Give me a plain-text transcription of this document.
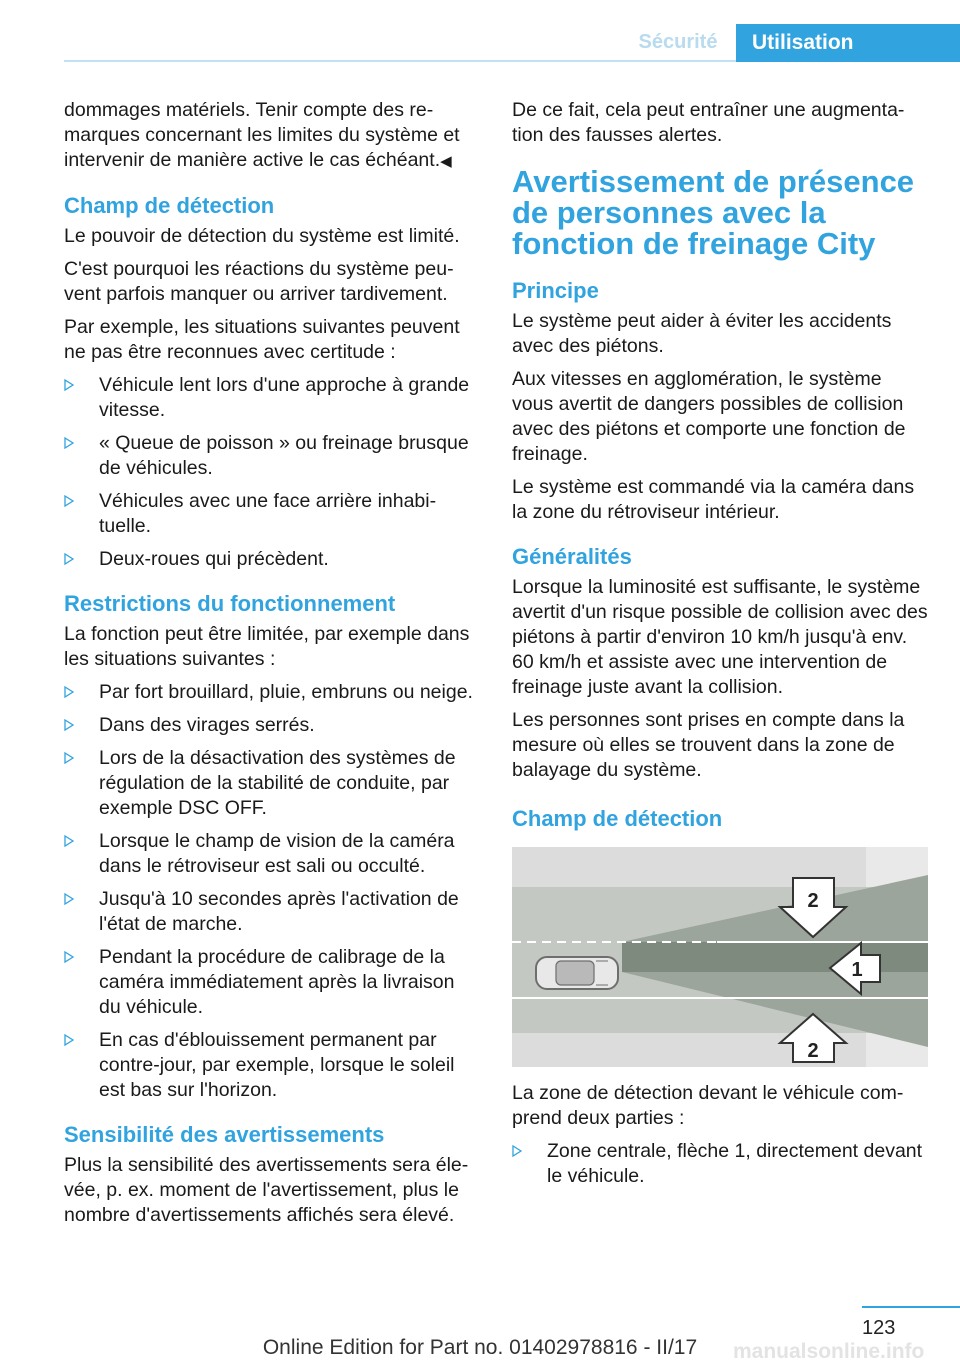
Sécurité	Utilisation

dommages matériels. Tenir compte des remarques concernant les limites du système et intervenir de manière active le cas échéant.◀

Champ de détection

Le pouvoir de détection du système est limité.

C'est pourquoi les réactions du système peuvent parfois manquer ou arriver tardivement.

Par exemple, les situations suivantes peuvent ne pas être reconnues avec certitude :

Véhicule lent lors d'une approche à grande vitesse.
« Queue de poisson » ou freinage brusque de véhicules.
Véhicules avec une face arrière inhabituelle.
Deux-roues qui précèdent.
Restrictions du fonctionnement

La fonction peut être limitée, par exemple dans les situations suivantes :

Par fort brouillard, pluie, embruns ou neige.
Dans des virages serrés.
Lors de la désactivation des systèmes de régulation de la stabilité de conduite, par exemple DSC OFF.
Lorsque le champ de vision de la caméra dans le rétroviseur est sali ou occulté.
Jusqu'à 10 secondes après l'activation de l'état de marche.
Pendant la procédure de calibrage de la caméra immédiatement après la livraison du véhicule.
En cas d'éblouissement permanent par contre-jour, par exemple, lorsque le soleil est bas sur l'horizon.
Sensibilité des avertissements

Plus la sensibilité des avertissements sera élevée, p. ex. moment de l'avertissement, plus le nombre d'avertissements affichés sera élevé.

De ce fait, cela peut entraîner une augmentation des fausses alertes.

Avertissement de présence de personnes avec la fonction de freinage City
Principe

Le système peut aider à éviter les accidents avec des piétons.

Aux vitesses en agglomération, le système vous avertit de dangers possibles de collision avec des piétons et comporte une fonction de freinage.

Le système est commandé via la caméra dans la zone du rétroviseur intérieur.

Généralités

Lorsque la luminosité est suffisante, le système avertit d'un risque possible de collision avec des piétons à partir d'environ 10 km/h jusqu'à env. 60 km/h et assiste avec une intervention de freinage juste avant la collision.

Les personnes sont prises en compte dans la mesure où elles se trouvent dans la zone de balayage du système.

Champ de détection
2
1
2

La zone de détection devant le véhicule comprend deux parties :

Zone centrale, flèche 1, directement devant le véhicule.
123
Online Edition for Part no. 01402978816 - II/17	manualsonline.info
